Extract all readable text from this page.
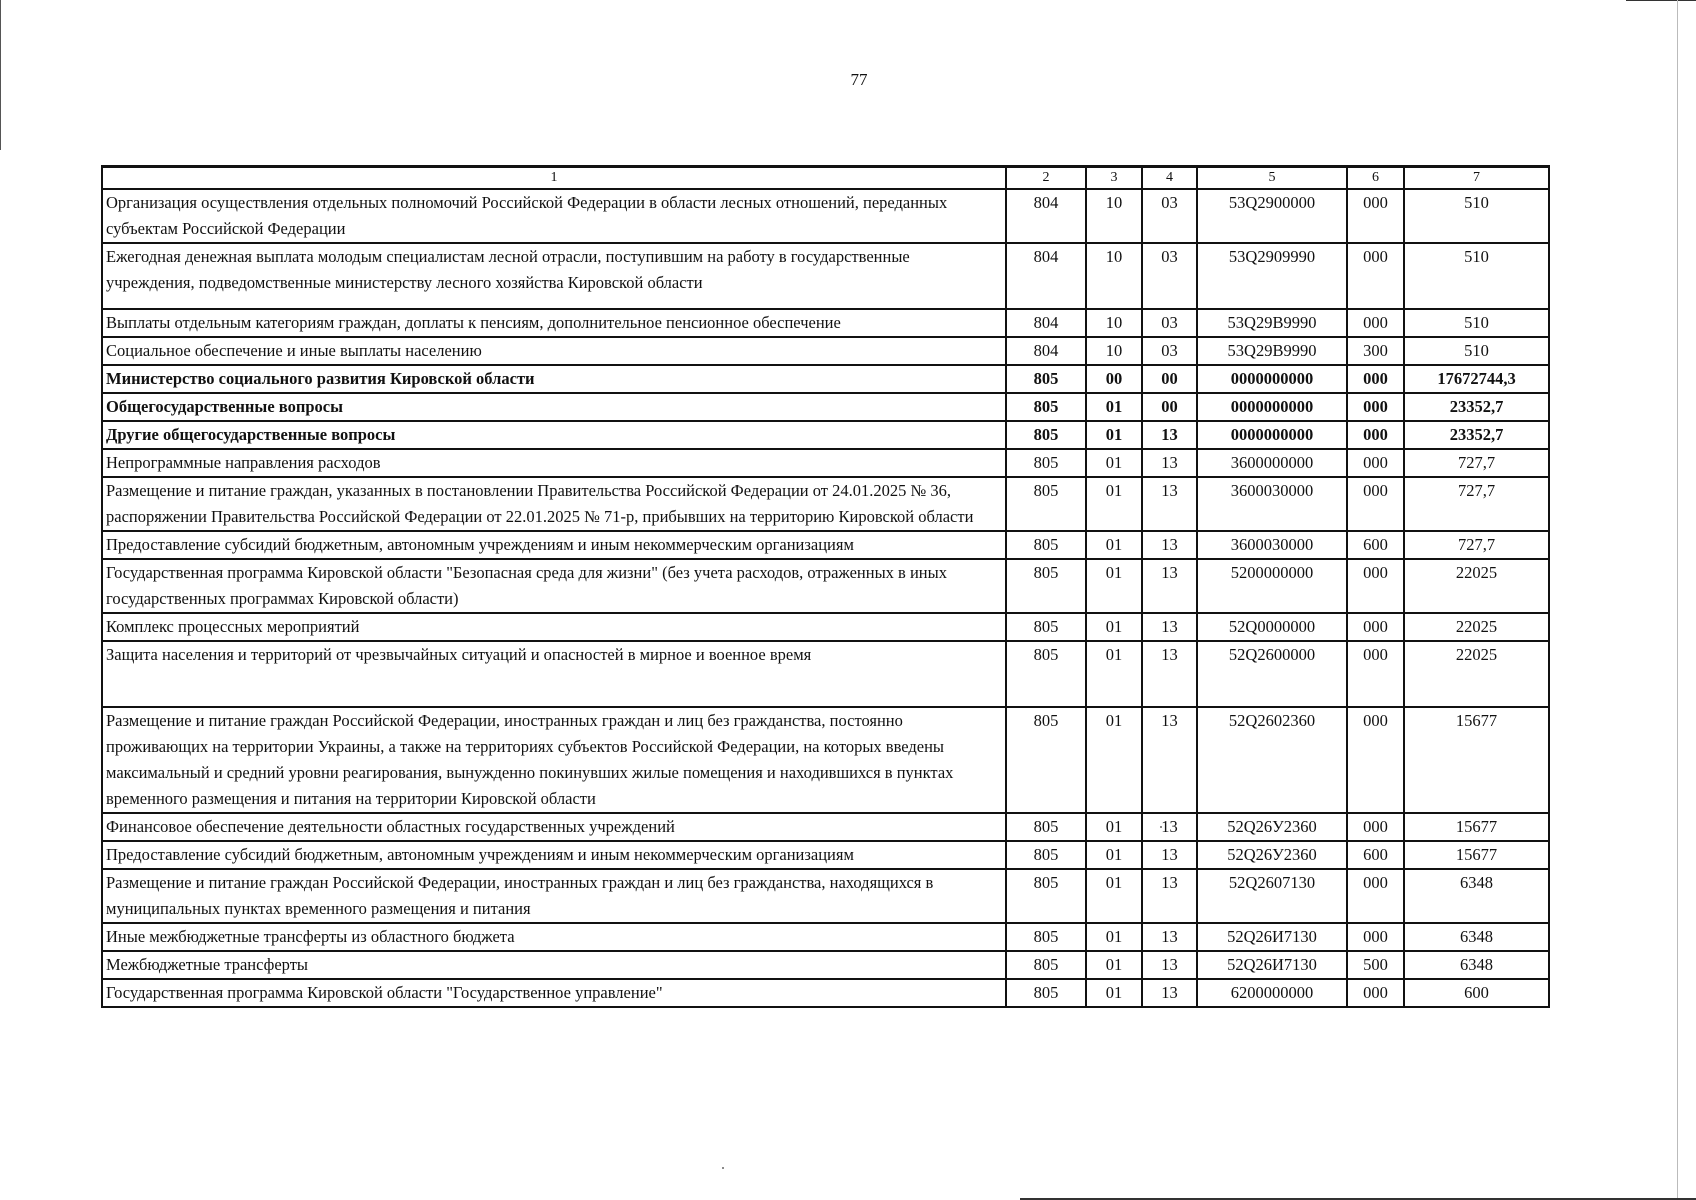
77
1	2	3	4	5	6	7
Организация осуществления отдельных полномочий Российской Федерации в области лесных отношений, переданных субъектам Российской Федерации	804	10	03	53Q2900000	000	510
Ежегодная денежная выплата молодым специалистам лесной отрасли, поступившим на работу в государственные учреждения, подведомственные министерству лесного хозяйства Кировской области	804	10	03	53Q2909990	000	510
Выплаты отдельным категориям граждан, доплаты к пенсиям, дополнительное пенсионное обеспечение	804	10	03	53Q29B9990	000	510
Социальное обеспечение и иные выплаты населению	804	10	03	53Q29B9990	300	510
Министерство социального развития Кировской области	805	00	00	0000000000	000	17672744,3
Общегосударственные вопросы	805	01	00	0000000000	000	23352,7
Другие общегосударственные вопросы	805	01	13	0000000000	000	23352,7
Непрограммные направления расходов	805	01	13	3600000000	000	727,7
Размещение и питание граждан, указанных в постановлении Правительства Российской Федерации от 24.01.2025 № 36, распоряжении Правительства Российской Федерации от 22.01.2025 № 71-р, прибывших на территорию Кировской области	805	01	13	3600030000	000	727,7
Предоставление субсидий бюджетным, автономным учреждениям и иным некоммерческим организациям	805	01	13	3600030000	600	727,7
Государственная программа Кировской области "Безопасная среда для жизни" (без учета расходов, отраженных в иных государственных программах Кировской области)	805	01	13	5200000000	000	22025
Комплекс процессных мероприятий	805	01	13	52Q0000000	000	22025
Защита населения и территорий от чрезвычайных ситуаций и опасностей в мирное и военное время	805	01	13	52Q2600000	000	22025
Размещение и питание граждан Российской Федерации, иностранных граждан и лиц без гражданства, постоянно проживающих на территории Украины, а также на территориях субъектов Российской Федерации, на которых введены максимальный и средний уровни реагирования, вынужденно покинувших жилые помещения и находившихся в пунктах временного размещения и питания на территории Кировской области	805	01	13	52Q2602360	000	15677
Финансовое обеспечение деятельности областных государственных учреждений	805	01	13	52Q26У2360	000	15677
Предоставление субсидий бюджетным, автономным учреждениям и иным некоммерческим организациям	805	01	13	52Q26У2360	600	15677
Размещение и питание граждан Российской Федерации, иностранных граждан и лиц без гражданства, находящихся в муниципальных пунктах временного размещения и питания	805	01	13	52Q2607130	000	6348
Иные межбюджетные трансферты из областного бюджета	805	01	13	52Q26И7130	000	6348
Межбюджетные трансферты	805	01	13	52Q26И7130	500	6348
Государственная программа Кировской области "Государственное управление"	805	01	13	6200000000	000	600
